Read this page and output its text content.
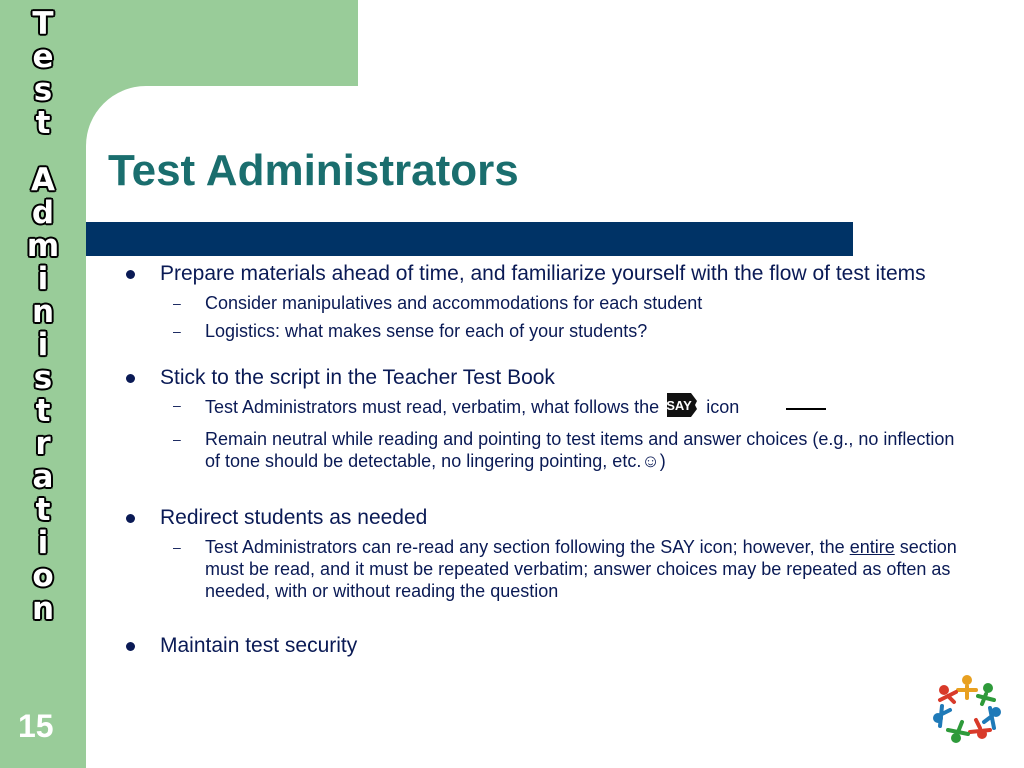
T
e
s
t
A
d
m
i
n
i
s
t
r
a
t
i
o
n
15
Test Administrators
Prepare materials ahead of time, and familiarize yourself with the flow of test items
– Consider manipulatives and accommodations for each student
– Logistics: what makes sense for each of your students?
Stick to the script in the Teacher Test Book
– Test Administrators must read, verbatim, what follows the SAY icon
– Remain neutral while reading and pointing to test items and answer choices (e.g., no inflection of tone should be detectable, no lingering pointing, etc.☺)
Redirect students as needed
– Test Administrators can re-read any section following the SAY icon; however, the entire section must be read, and it must be repeated verbatim; answer choices may be repeated as often as needed, with or without reading the question
Maintain test security
